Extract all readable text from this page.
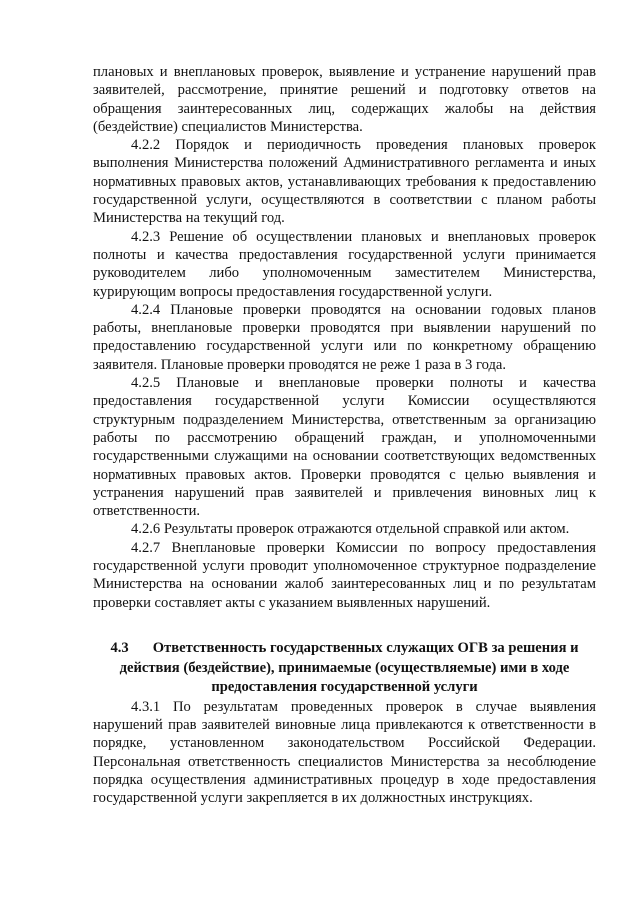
плановых и внеплановых проверок, выявление и устранение нарушений прав заявителей, рассмотрение, принятие решений и подготовку ответов на обращения заинтересованных лиц, содержащих жалобы на действия (бездействие) специалистов Министерства.

4.2.2 Порядок и периодичность проведения плановых проверок выполнения Министерства положений Административного регламента и иных нормативных правовых актов, устанавливающих требования к предоставлению государственной услуги, осуществляются в соответствии с планом работы Министерства на текущий год.

4.2.3 Решение об осуществлении плановых и внеплановых проверок полноты и качества предоставления государственной услуги принимается руководителем либо уполномоченным заместителем Министерства, курирующим вопросы предоставления государственной услуги.

4.2.4 Плановые проверки проводятся на основании годовых планов работы, внеплановые проверки проводятся при выявлении нарушений по предоставлению государственной услуги или по конкретному обращению заявителя. Плановые проверки проводятся не реже 1 раза в 3 года.

4.2.5 Плановые и внеплановые проверки полноты и качества предоставления государственной услуги Комиссии осуществляются структурным подразделением Министерства, ответственным за организацию работы по рассмотрению обращений граждан, и уполномоченными государственными служащими на основании соответствующих ведомственных нормативных правовых актов. Проверки проводятся с целью выявления и устранения нарушений прав заявителей и привлечения виновных лиц к ответственности.

4.2.6 Результаты проверок отражаются отдельной справкой или актом.

4.2.7 Внеплановые проверки Комиссии по вопросу предоставления государственной услуги проводит уполномоченное структурное подразделение Министерства на основании жалоб заинтересованных лиц и по результатам проверки составляет акты с указанием выявленных нарушений.

4.3 Ответственность государственных служащих ОГВ за решения и действия (бездействие), принимаемые (осуществляемые) ими в ходе предоставления государственной услуги

4.3.1 По результатам проведенных проверок в случае выявления нарушений прав заявителей виновные лица привлекаются к ответственности в порядке, установленном законодательством Российской Федерации. Персональная ответственность специалистов Министерства за несоблюдение порядка осуществления административных процедур в ходе предоставления государственной услуги закрепляется в их должностных инструкциях.
